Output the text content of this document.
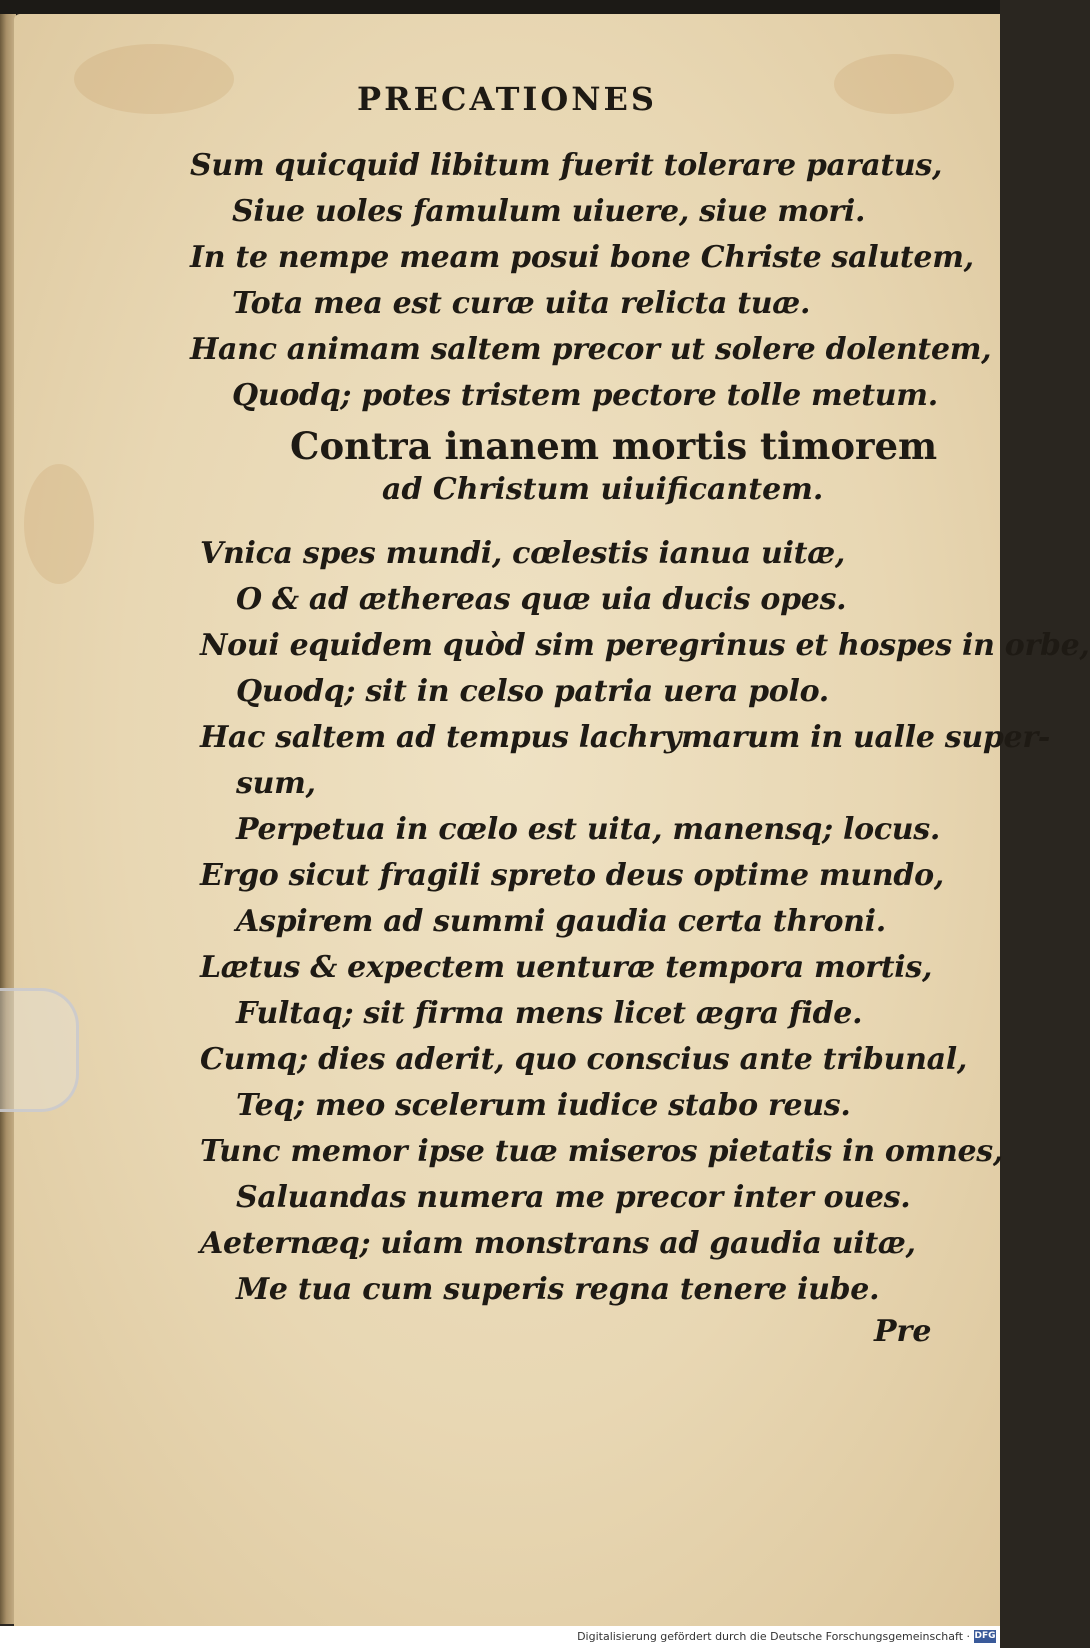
PRECATIONES
Sum quicquid libitum fuerit tolerare paratus,
Siue uoles famulum uiuere, siue mori.
In te nempe meam posui bone Christe salutem,
Tota mea est curæ uita relicta tuæ.
Hanc animam saltem precor ut solere dolentem,
Quodq; potes tristem pectore tolle metum.
Contra inanem mortis timorem
ad Christum uiuificantem.
Vnica spes mundi, cœlestis ianua uitæ,
O & ad æthereas quæ uia ducis opes.
Noui equidem quòd sim peregrinus et hospes in orbe,
Quodq; sit in celso patria uera polo.
Hac saltem ad tempus lachrymarum in ualle super-
sum,
Perpetua in cœlo est uita, manensq; locus.
Ergo sicut fragili spreto deus optime mundo,
Aspirem ad summi gaudia certa throni.
Lætus & expectem uenturæ tempora mortis,
Fultaq; sit firma mens licet ægra fide.
Cumq; dies aderit, quo conscius ante tribunal,
Teq; meo scelerum iudice stabo reus.
Tunc memor ipse tuæ miseros pietatis in omnes,
Saluandas numera me precor inter oues.
Aeternæq; uiam monstrans ad gaudia uitæ,
Me tua cum superis regna tenere iube.
Pre
Digitalisierung gefördert durch die Deutsche Forschungsgemeinschaft · DFG
